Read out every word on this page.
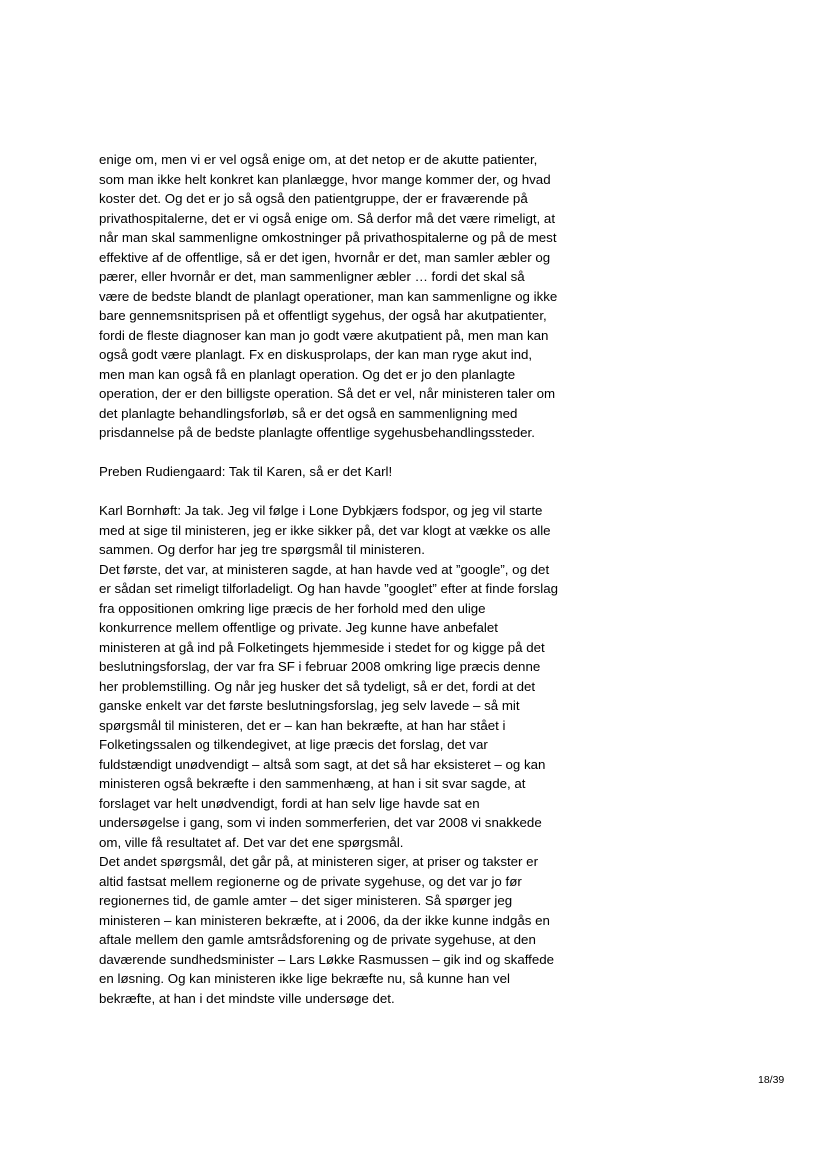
enige om, men vi er vel også enige om, at det netop er de akutte patienter,
som man ikke helt konkret kan planlægge, hvor mange kommer der, og hvad
koster det. Og det er jo så også den patientgruppe, der er fraværende på
privathospitalerne, det er vi også enige om. Så derfor må det være rimeligt, at
når man skal sammenligne omkostninger på privathospitalerne og på de mest
effektive af de offentlige, så er det igen, hvornår er det, man samler æbler og
pærer, eller hvornår er det, man sammenligner æbler … fordi det skal så
være de bedste blandt de planlagt operationer, man kan sammenligne og ikke
bare gennemsnitsprisen på et offentligt sygehus, der også har akutpatienter,
fordi de fleste diagnoser kan man jo godt være akutpatient på, men man kan
også godt være planlagt. Fx en diskusprolaps, der kan man ryge akut ind,
men man kan også få en planlagt operation. Og det er jo den planlagte
operation, der er den billigste operation. Så det er vel, når ministeren taler om
det planlagte behandlingsforløb, så er det også en sammenligning med
prisdannelse på de bedste planlagte offentlige sygehusbehandlingssteder.
Preben Rudiengaard: Tak til Karen, så er det Karl!
Karl Bornhøft: Ja tak. Jeg vil følge i Lone Dybkjærs fodspor, og jeg vil starte
med at sige til ministeren, jeg er ikke sikker på, det var klogt at vække os alle
sammen. Og derfor har jeg tre spørgsmål til ministeren.
Det første, det var, at ministeren sagde, at han havde ved at ”google”, og det
er sådan set rimeligt tilforladeligt. Og han havde ”googlet” efter at finde forslag
fra oppositionen omkring lige præcis de her forhold med den ulige
konkurrence mellem offentlige og private. Jeg kunne have anbefalet
ministeren at gå ind på Folketingets hjemmeside i stedet for og kigge på det
beslutningsforslag, der var fra SF i februar 2008 omkring lige præcis denne
her problemstilling. Og når jeg husker det så tydeligt, så er det, fordi at det
ganske enkelt var det første beslutningsforslag, jeg selv lavede – så mit
spørgsmål til ministeren, det er – kan han bekræfte, at han har stået i
Folketingssalen og tilkendegivet, at lige præcis det forslag, det var
fuldstændigt unødvendigt – altså som sagt, at det så har eksisteret – og kan
ministeren også bekræfte i den sammenhæng, at han i sit svar sagde, at
forslaget var helt unødvendigt, fordi at han selv lige havde sat en
undersøgelse i gang, som vi inden sommerferien, det var 2008 vi snakkede
om, ville få resultatet af. Det var det ene spørgsmål.
Det andet spørgsmål, det går på, at ministeren siger, at priser og takster er
altid fastsat mellem regionerne og de private sygehuse, og det var jo før
regionernes tid, de gamle amter – det siger ministeren. Så spørger jeg
ministeren – kan ministeren bekræfte, at i 2006, da der ikke kunne indgås en
aftale mellem den gamle amtsrådsforening og de private sygehuse, at den
daværende sundhedsminister – Lars Løkke Rasmussen – gik ind og skaffede
en løsning. Og kan ministeren ikke lige bekræfte nu, så kunne han vel
bekræfte, at han i det mindste ville undersøge det.
18/39
